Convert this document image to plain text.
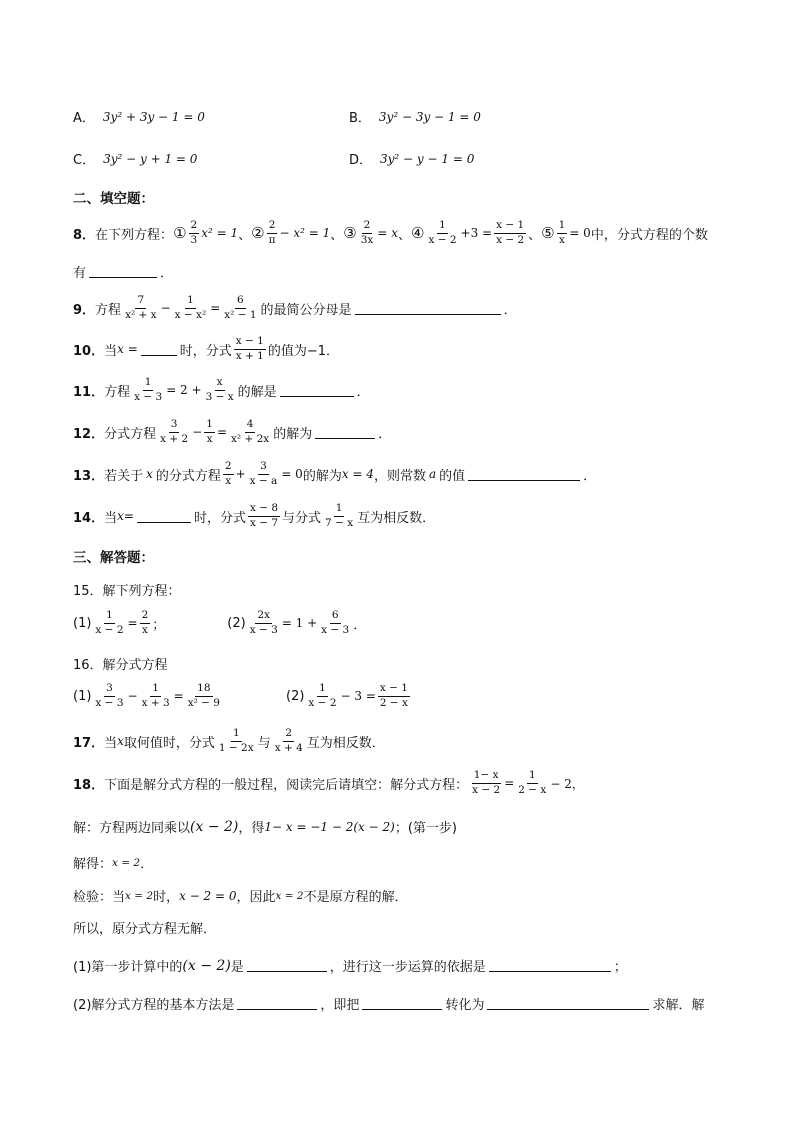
A． 3y² + 3y − 1 = 0	B． 3y² − 3y − 1 = 0
C． 3y² − y + 1 = 0	D． 3y² − y − 1 = 0
二、填空题：
8． 在下列方程： ① $\frac{2}{3} x^2 = 1$ 、 ② $\frac{2}{\pi} - x^2 = 1$ 、 ③ $\frac{2}{3x} = x$ 、 ④ $\frac{1}{x - 2} +3 = \frac{x - 1}{x - 2}$ 、 ⑤ $\frac{1}{x} = 0$ 中，分式方程的个数
有	．
9． 方程 $\frac{7}{\text{x² + x}} - \frac{1}{\text{x − x²}} = \frac{6}{\text{x² − 1}}$ 的最简公分母是	．
10． 当 x =	时，分式 $\frac{x - 1}{x + 1}$ 的值为−1．
11． 方程 $\frac{1}{x - 3} = 2 + \frac{x}{3 - x}$ 的解是	．
12． 分式方程 $\frac{3}{x + 2} - \frac{1}{x} = \frac{4}{\text{x² + 2x}}$ 的解为	．
13． 若关于 x 的分式方程 $\frac{2}{x} + \frac{3}{x - a} = 0$ 的解为 x = 4 ，则常数 a 的值	．
14． 当 x=	时，分式 $\frac{x - 8}{x - 7}$ 与分式 $\frac{1}{7 - x}$ 互为相反数．
三、解答题：
15．解下列方程：
$(1) \frac{1}{x - 2} = \frac{2}{x}$ ；	$(2) \frac{2x}{x - 3} = 1 + \frac{6}{x - 3}$ ．
16．解分式方程
$(1) \frac{3}{x - 3} - \frac{1}{x + 3} = \frac{18}{\text{x² − 9}}$	$(2) \frac{1}{x - 2} - 3 = \frac{x - 1}{2 - x}$
17． 当 x 取何值时，分式 $\frac{1}{1 - 2x}$ 与 $\frac{2}{x + 4}$ 互为相反数．
18． 下面是解分式方程的一般过程，阅读完后请填空：解分式方程： $\frac{1- x}{x - 2} = \frac{1}{2 - x} - 2$，
解：方程两边同乘以 (x − 2) ，得 1− x = −1 − 2(x − 2) ；(第一步)
解得： x = 2 ．
检验：当 x = 2 时， x − 2 = 0 ，因此 x = 2 不是原方程的解．
所以，原分式方程无解．
(1)第一步计算中的 (x − 2) 是	，进行这一步运算的依据是	；
(2)解分式方程的基本方法是	，即把	转化为	求解．解
